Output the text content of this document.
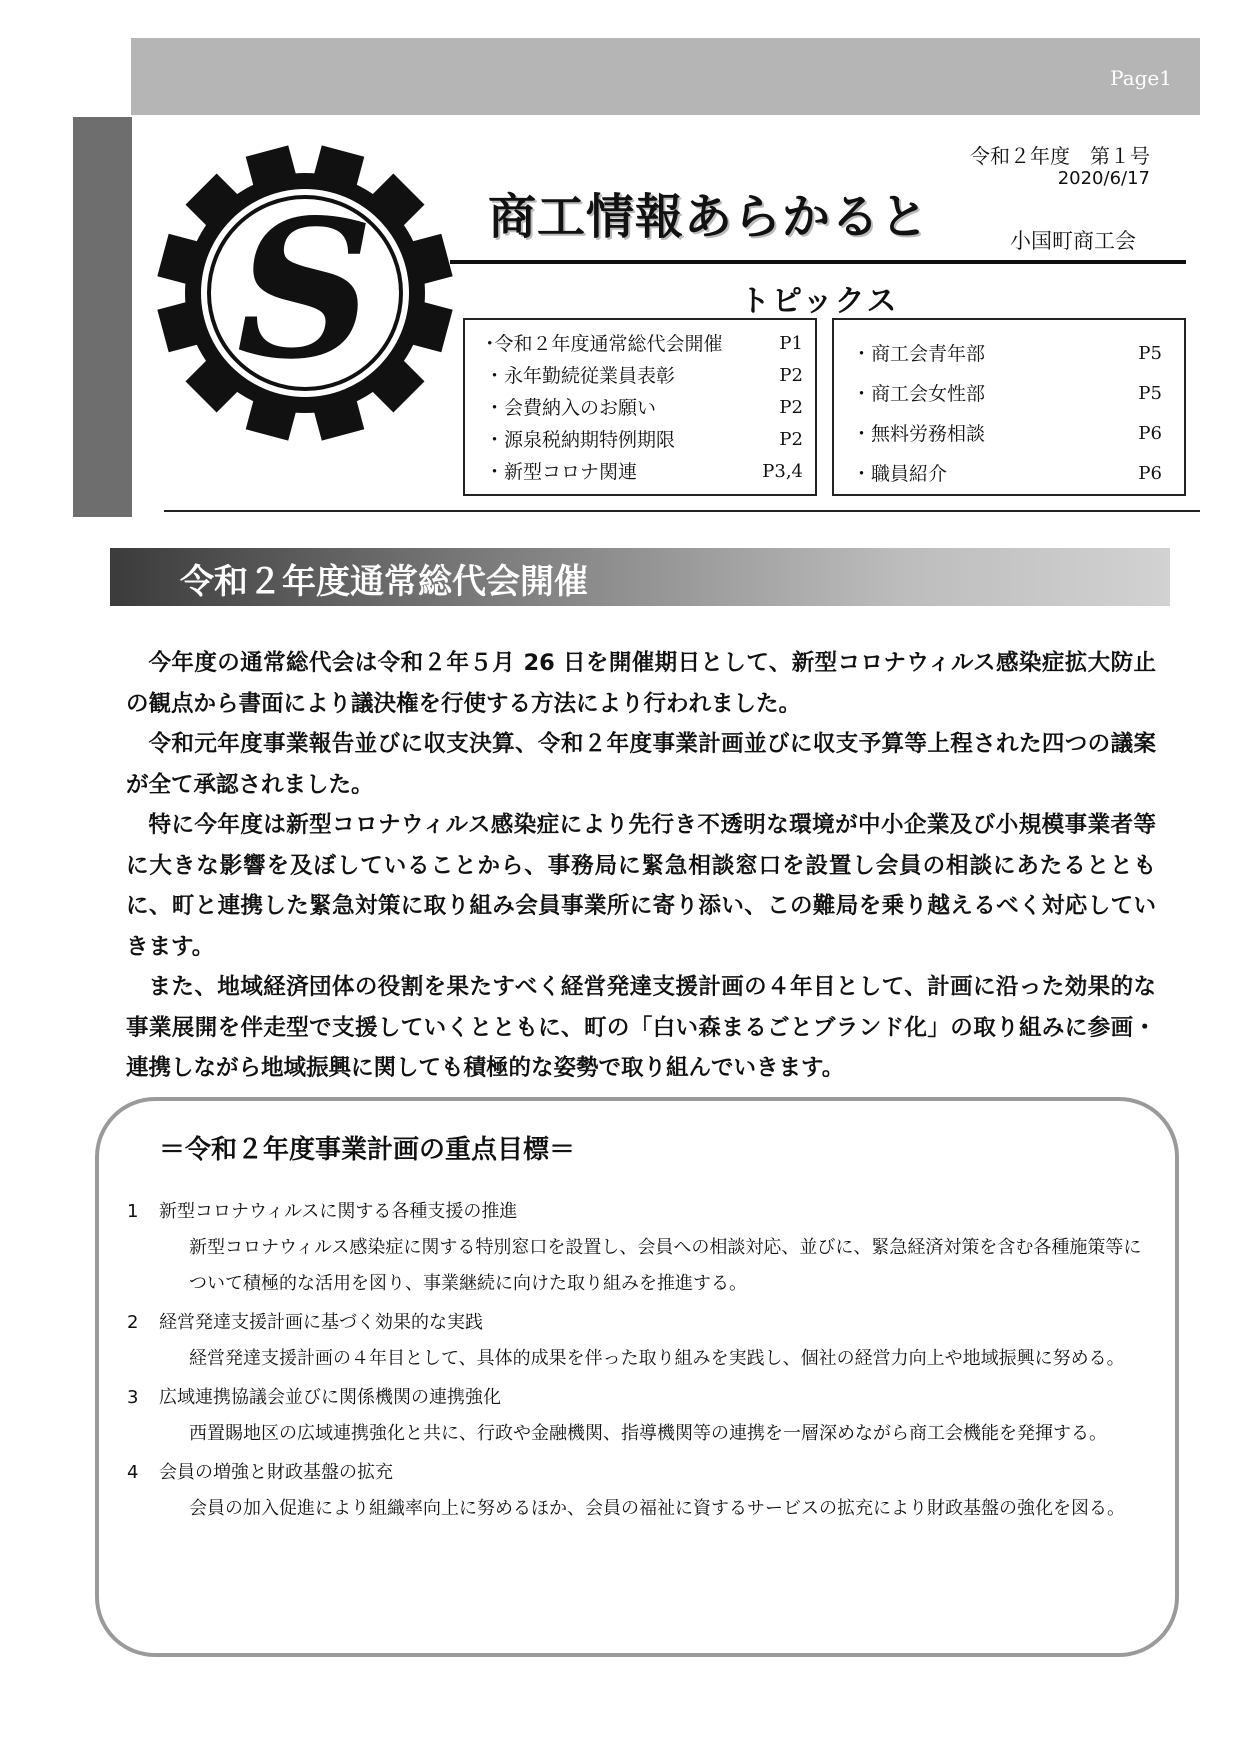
Page1
S
令和２年度　第１号
2020/6/17
商工情報あらかると	小国町商工会
トピックス
･令和２年度通常総代会開催	P1
・永年勤続従業員表彰	P2
・会費納入のお願い	P2
・源泉税納期特例期限	P2
・新型コロナ関連	P3,4
・商工会青年部	P5
・商工会女性部	P5
・無料労務相談	P6
・職員紹介	P6
令和２年度通常総代会開催

今年度の通常総代会は令和２年５月 26 日を開催期日として、新型コロナウィルス感染症拡大防止の観点から書面により議決権を行使する方法により行われました。

令和元年度事業報告並びに収支決算、令和２年度事業計画並びに収支予算等上程された四つの議案が全て承認されました。

特に今年度は新型コロナウィルス感染症により先行き不透明な環境が中小企業及び小規模事業者等に大きな影響を及ぼしていることから、事務局に緊急相談窓口を設置し会員の相談にあたるとともに、町と連携した緊急対策に取り組み会員事業所に寄り添い、この難局を乗り越えるべく対応していきます。

また、地域経済団体の役割を果たすべく経営発達支援計画の４年目として、計画に沿った効果的な事業展開を伴走型で支援していくとともに、町の「白い森まるごとブランド化」の取り組みに参画・連携しながら地域振興に関しても積極的な姿勢で取り組んでいきます。

＝令和２年度事業計画の重点目標＝
1	新型コロナウィルスに関する各種支援の推進
新型コロナウィルス感染症に関する特別窓口を設置し、会員への相談対応、並びに、緊急経済対策を含む各種施策等について積極的な活用を図り、事業継続に向けた取り組みを推進する。
2	経営発達支援計画に基づく効果的な実践
経営発達支援計画の４年目として、具体的成果を伴った取り組みを実践し、個社の経営力向上や地域振興に努める。
3	広域連携協議会並びに関係機関の連携強化
西置賜地区の広域連携強化と共に、行政や金融機関、指導機関等の連携を一層深めながら商工会機能を発揮する。
4	会員の増強と財政基盤の拡充
会員の加入促進により組織率向上に努めるほか、会員の福祉に資するサービスの拡充により財政基盤の強化を図る。
